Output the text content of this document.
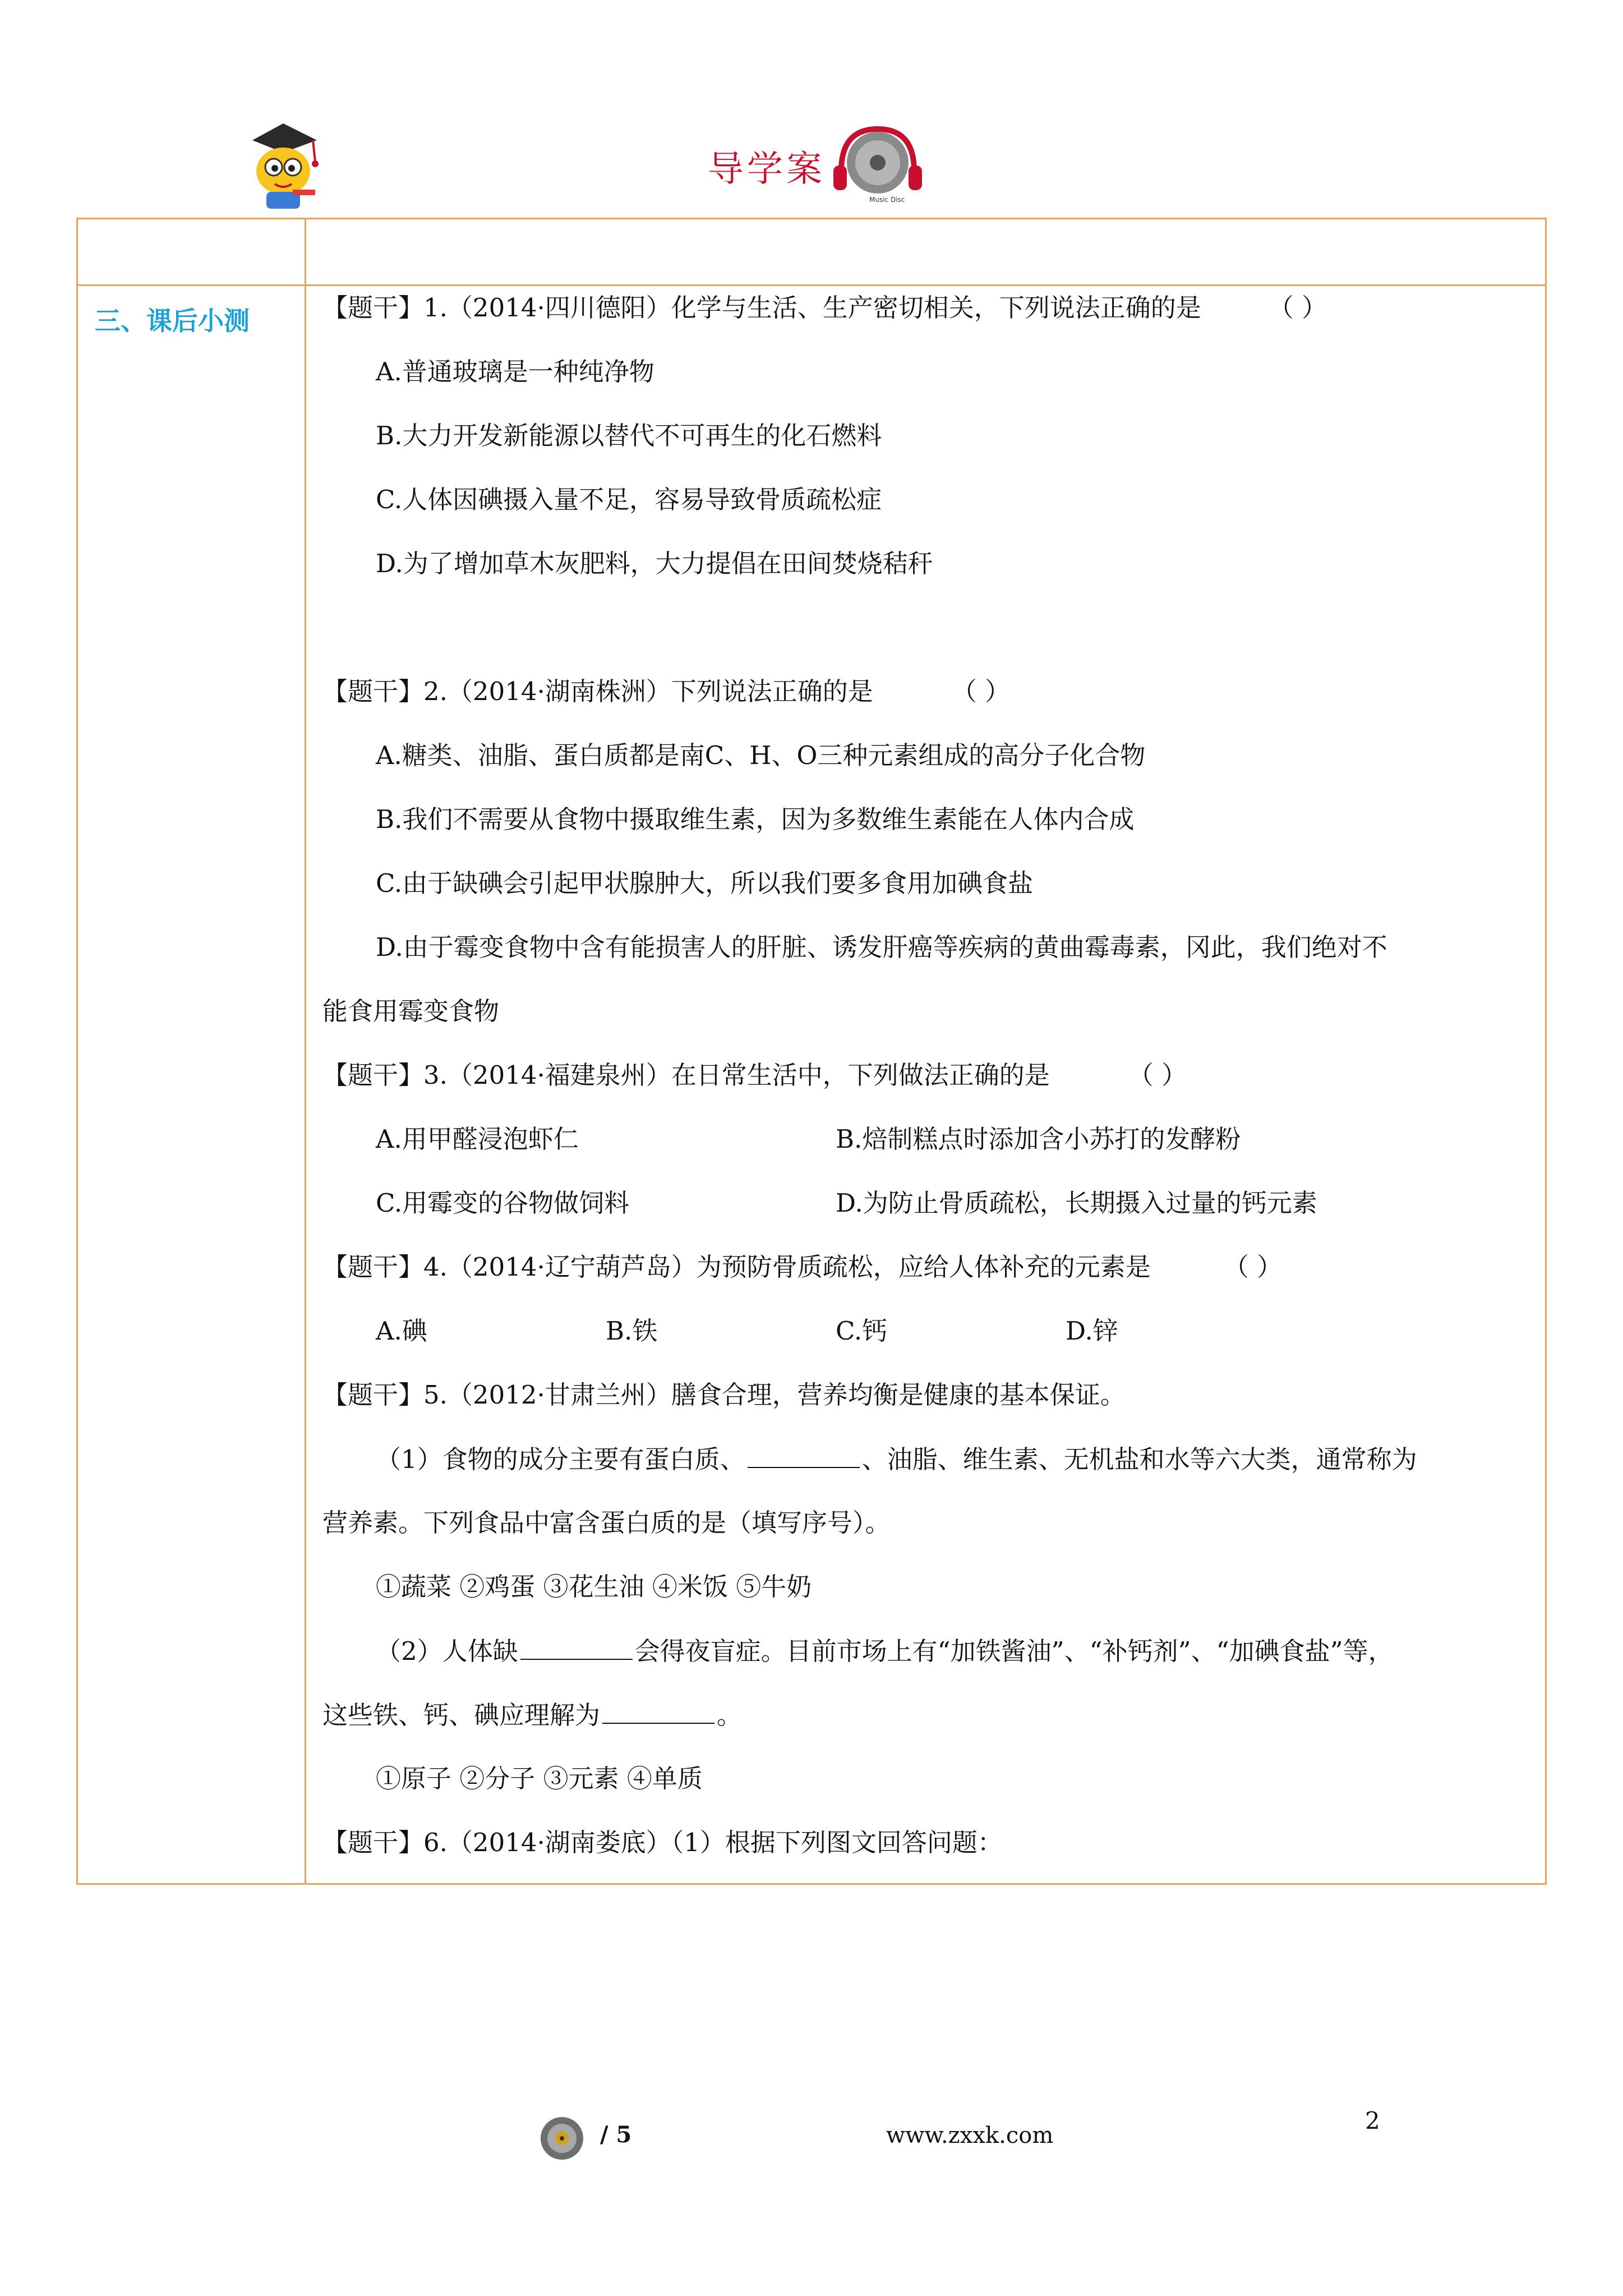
导学案
Music Disc
三、课后小测	【题干】1.（2014·四川德阳）化学与生活、生产密切相关，下列说法正确的是	（ ）
A.普通玻璃是一种纯净物
B.大力开发新能源以替代不可再生的化石燃料
C.人体因碘摄入量不足，容易导致骨质疏松症
D.为了增加草木灰肥料，大力提倡在田间焚烧秸秆
【题干】2.（2014·湖南株洲）下列说法正确的是	（ ）
A.糖类、油脂、蛋白质都是南C、H、O三种元素组成的高分子化合物
B.我们不需要从食物中摄取维生素，因为多数维生素能在人体内合成
C.由于缺碘会引起甲状腺肿大，所以我们要多食用加碘食盐
D.由于霉变食物中含有能损害人的肝脏、诱发肝癌等疾病的黄曲霉毒素，冈此，我们绝对不
能食用霉变食物
【题干】3.（2014·福建泉州）在日常生活中，下列做法正确的是	（ ）
A.用甲醛浸泡虾仁	B.焙制糕点时添加含小苏打的发酵粉
C.用霉变的谷物做饲料	D.为防止骨质疏松，长期摄入过量的钙元素
【题干】4.（2014·辽宁葫芦岛）为预防骨质疏松，应给人体补充的元素是	（ ）
A.碘	B.铁	C.钙	D.锌
【题干】5.（2012·甘肃兰州）膳食合理，营养均衡是健康的基本保证。
（1）食物的成分主要有蛋白质、	、油脂、维生素、无机盐和水等六大类，通常称为
营养素。下列食品中富含蛋白质的是（填写序号）。
①蔬菜 ②鸡蛋 ③花生油 ④米饭 ⑤牛奶
（2）人体缺	会得夜盲症。目前市场上有“加铁酱油”、“补钙剂”、“加碘食盐”等，
这些铁、钙、碘应理解为	。
①原子 ②分子 ③元素 ④单质
【题干】6.（2014·湖南娄底）（1）根据下列图文回答问题：
/ 5	www.zxxk.com
2
